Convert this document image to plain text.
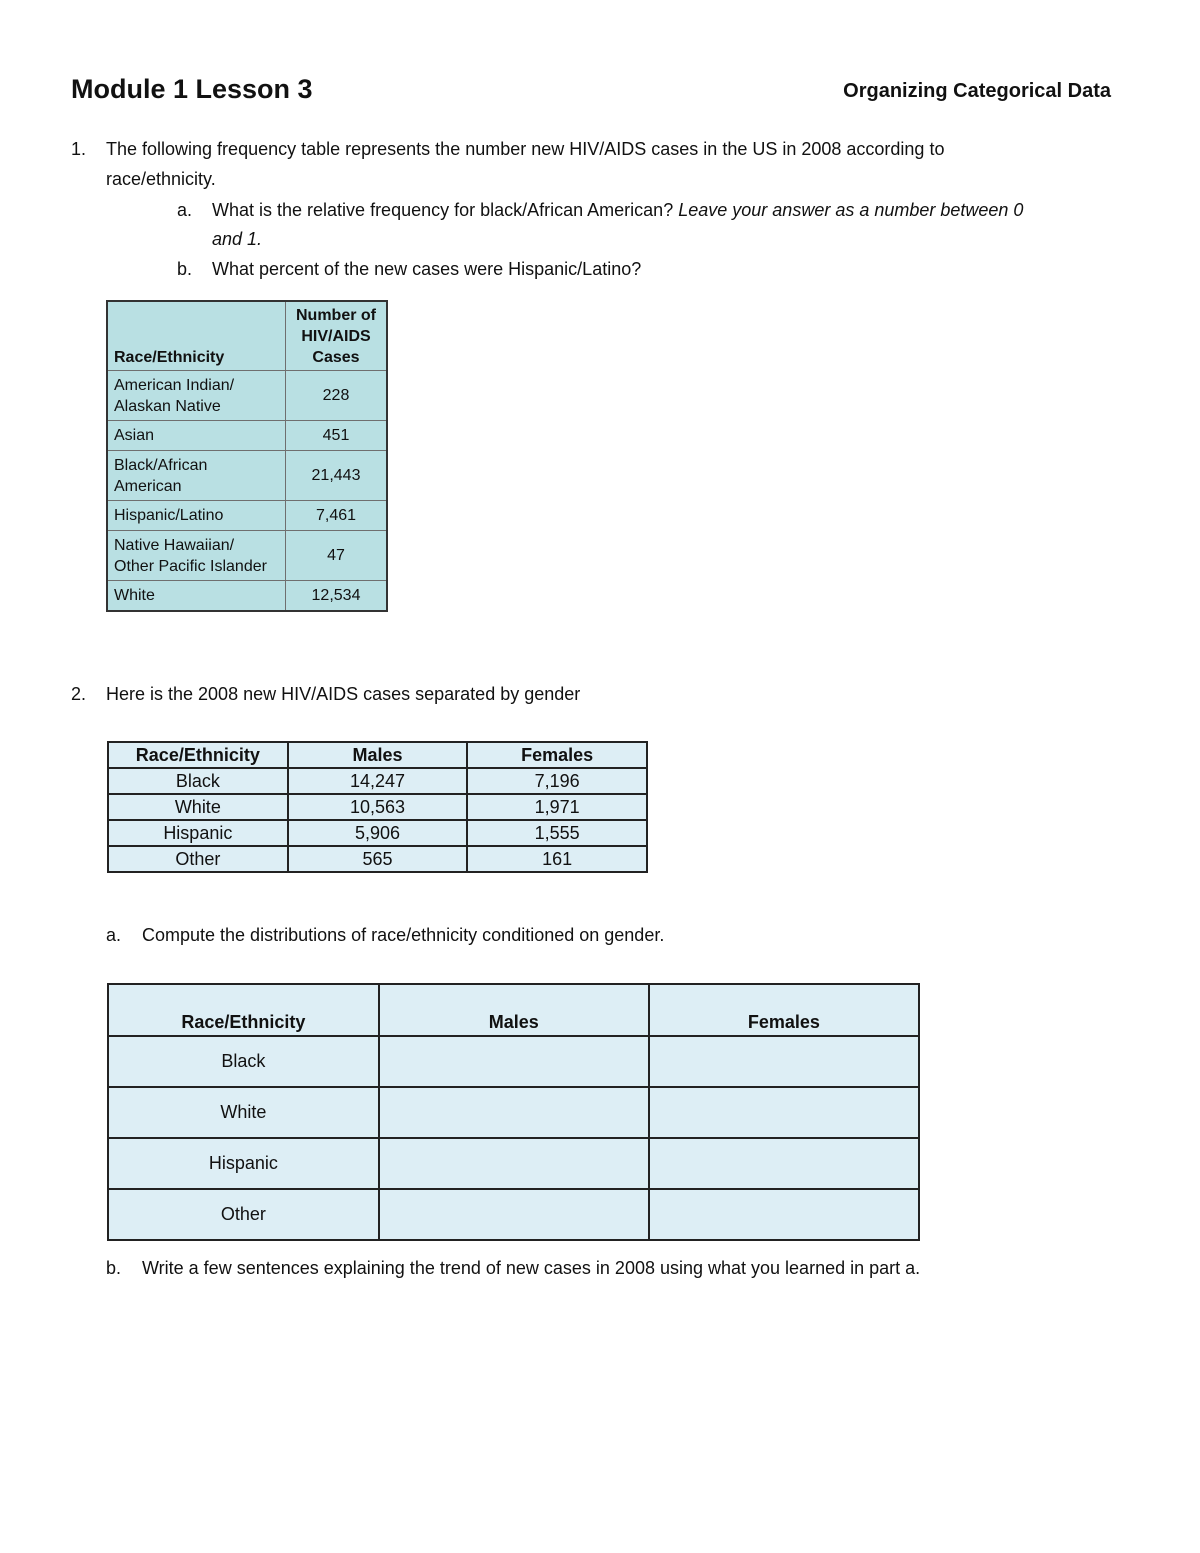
Module 1 Lesson 3	Organizing Categorical Data
1. The following frequency table represents the number new HIV/AIDS cases in the US in 2008 according to
race/ethnicity.
a. What is the relative frequency for black/African American? Leave your answer as a number between 0
and 1.
b. What percent of the new cases were Hispanic/Latino?
Race/Ethnicity	Number of
HIV/AIDS
Cases

American Indian/
Alaskan Native	228
Asian	451

Black/African
American	21,443
Hispanic/Latino	7,461

Native Hawaiian/
Other Pacific Islander	47
White	12,534
2. Here is the 2008 new HIV/AIDS cases separated by gender
Race/Ethnicity	Males	Females
Black	14,247	7,196
White	10,563	1,971
Hispanic	5,906	1,555
Other	565	161
a. Compute the distributions of race/ethnicity conditioned on gender.
Race/Ethnicity	Males	Females
Black		
White		
Hispanic		
Other		
b. Write a few sentences explaining the trend of new cases in 2008 using what you learned in part a.
